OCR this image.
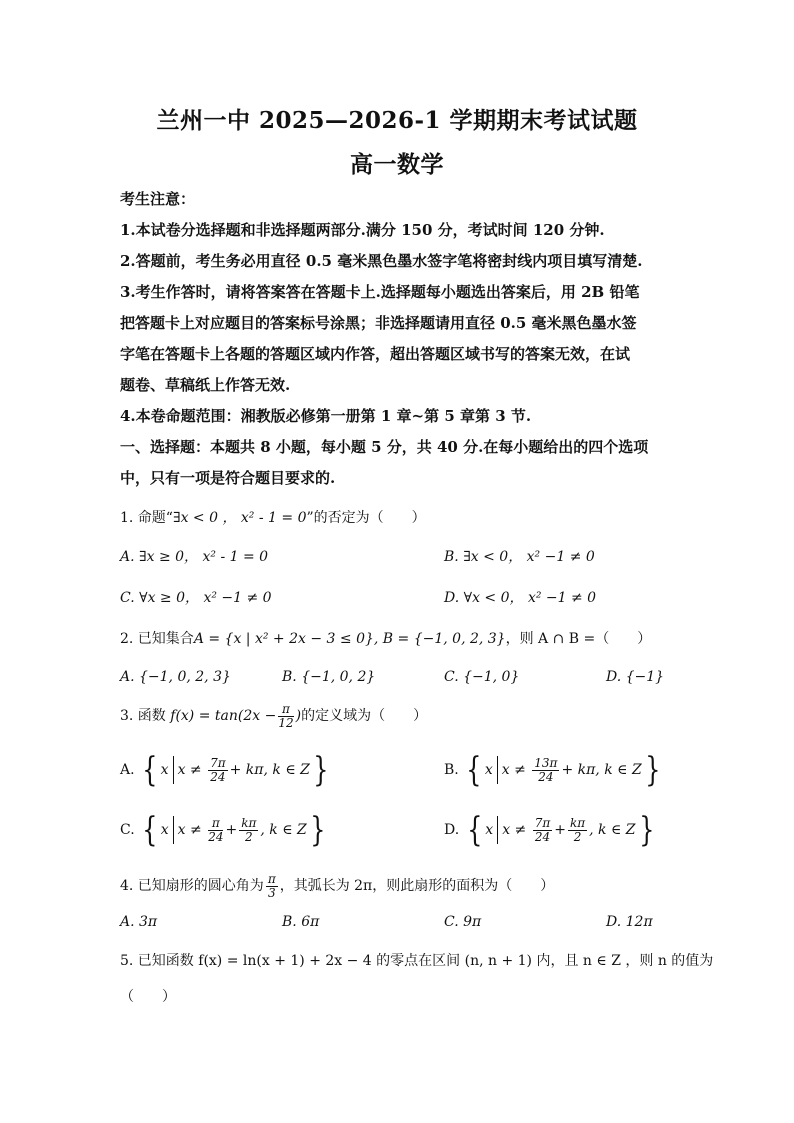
兰州一中 2025—2026-1 学期期末考试试题
高一数学
考生注意：
1.本试卷分选择题和非选择题两部分.满分 150 分，考试时间 120 分钟.
2.答题前，考生务必用直径 0.5 毫米黑色墨水签字笔将密封线内项目填写清楚.
3.考生作答时，请将答案答在答题卡上.选择题每小题选出答案后，用 2B 铅笔
把答题卡上对应题目的答案标号涂黑；非选择题请用直径 0.5 毫米黑色墨水签
字笔在答题卡上各题的答题区域内作答，超出答题区域书写的答案无效，在试
题卷、草稿纸上作答无效.
4.本卷命题范围：湘教版必修第一册第 1 章~第 5 章第 3 节.
一、选择题：本题共 8 小题，每小题 5 分，共 40 分.在每小题给出的四个选项
中，只有一项是符合题目要求的.
1. 命题“∃x < 0 ， x² - 1 = 0”的否定为（　　）
A. ∃x ≥ 0， x² - 1 = 0	B. ∃x < 0， x² −1 ≠ 0
C. ∀x ≥ 0， x² −1 ≠ 0	D. ∀x < 0， x² −1 ≠ 0
2. 已知集合A = {x | x² + 2x − 3 ≤ 0}, B = {−1, 0, 2, 3}，则 A ∩ B =（　　）
A. {−1, 0, 2, 3}	B. {−1, 0, 2}	C. {−1, 0}	D. {−1}
3. 函数 $f(x) = \tan(2x - \frac{\pi}{12}$ )的定义域为（　　）
A. { x $x \ne \frac{7\pi}{24} + k\pi$, k ∈ Z}	B. { x $x \ne \frac{13\pi}{24} + k\pi$, k ∈ Z}
C. { x $x \ne \frac{\pi}{24} + \frac{k\pi}{2}$ , k ∈ Z}	D. { x $x \ne \frac{7\pi}{24} + \frac{k\pi}{2}$ , k ∈ Z}
4. 已知扇形的圆心角为 $\frac{\pi}{3}$ ，其弧长为 2π，则此扇形的面积为（　　）
A. 3π	B. 6π	C. 9π	D. 12π
5. 已知函数 f(x) = ln(x + 1) + 2x − 4 的零点在区间 (n, n + 1) 内，且 n ∈ Z ，则 n 的值为
（　　）
